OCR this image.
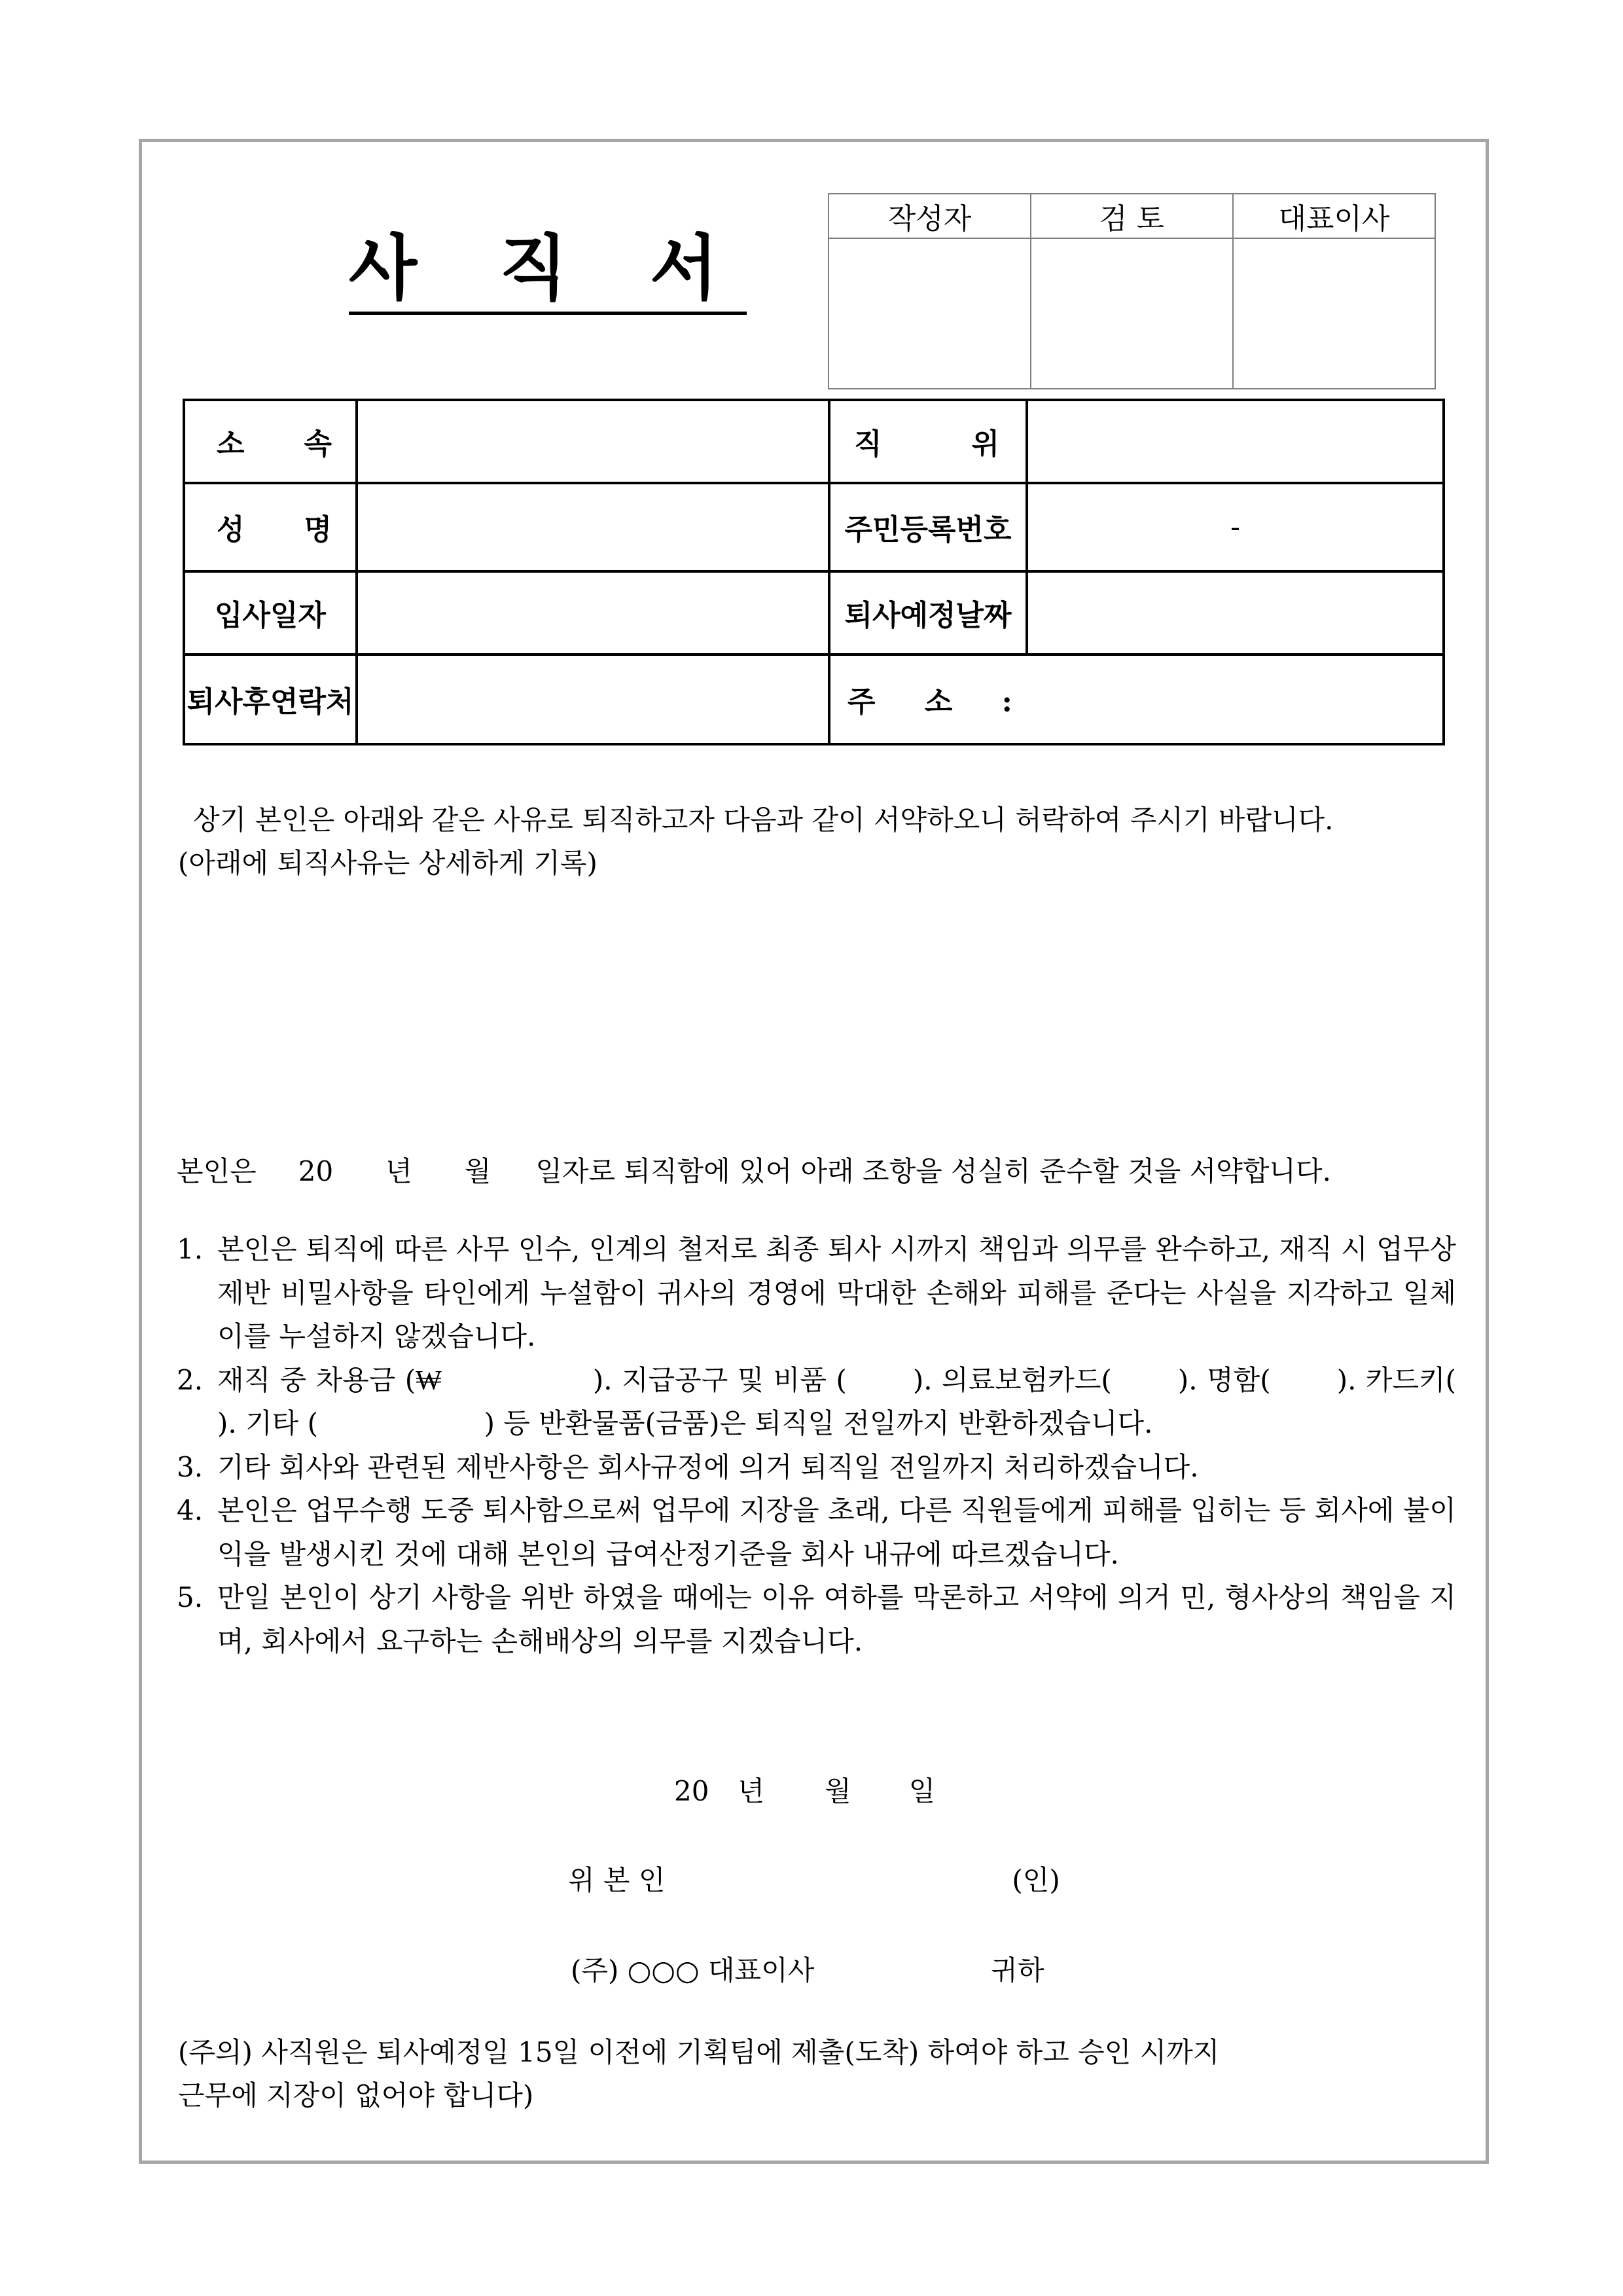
사 직 서
작성자	검 토	대표이사

소 속		직 위	

성 명		주민등록번호	-
입사일자		퇴사예정날짜	
퇴사후연락처		주 소 :	
상기 본인은 아래와 같은 사유로 퇴직하고자 다음과 같이 서약하오니 허락하여 주시기 바랍니다.
(아래에 퇴직사유는 상세하게 기록)
본인은 20 년 월 일자로 퇴직함에 있어 아래 조항을 성실히 준수할 것을 서약합니다.
1. 본인은 퇴직에 따른 사무 인수, 인계의 철저로 최종 퇴사 시까지 책임과 의무를 완수하고, 재직 시 업무상 제반 비밀사항을 타인에게 누설함이 귀사의 경영에 막대한 손해와 피해를 준다는 사실을 지각하고 일체 이를 누설하지 않겠습니다.
2. 재직 중 차용금 (₩                ). 지급공구 및 비품 (       ). 의료보험카드(       ). 명함(       ). 카드키(       ). 기타 (                   ) 등 반환물품(금품)은 퇴직일 전일까지 반환하겠습니다.
3. 기타 회사와 관련된 제반사항은 회사규정에 의거 퇴직일 전일까지 처리하겠습니다.
4. 본인은 업무수행 도중 퇴사함으로써 업무에 지장을 초래, 다른 직원들에게 피해를 입히는 등 회사에 불이익을 발생시킨 것에 대해 본인의 급여산정기준을 회사 내규에 따르겠습니다.
5. 만일 본인이 상기 사항을 위반 하였을 때에는 이유 여하를 막론하고 서약에 의거 민, 형사상의 책임을 지며, 회사에서 요구하는 손해배상의 의무를 지겠습니다.
20 년 월 일
위 본 인	(인)
(주) ○○○ 대표이사	귀하
(주의) 사직원은 퇴사예정일 15일 이전에 기획팀에 제출(도착) 하여야 하고 승인 시까지
근무에 지장이 없어야 합니다)
